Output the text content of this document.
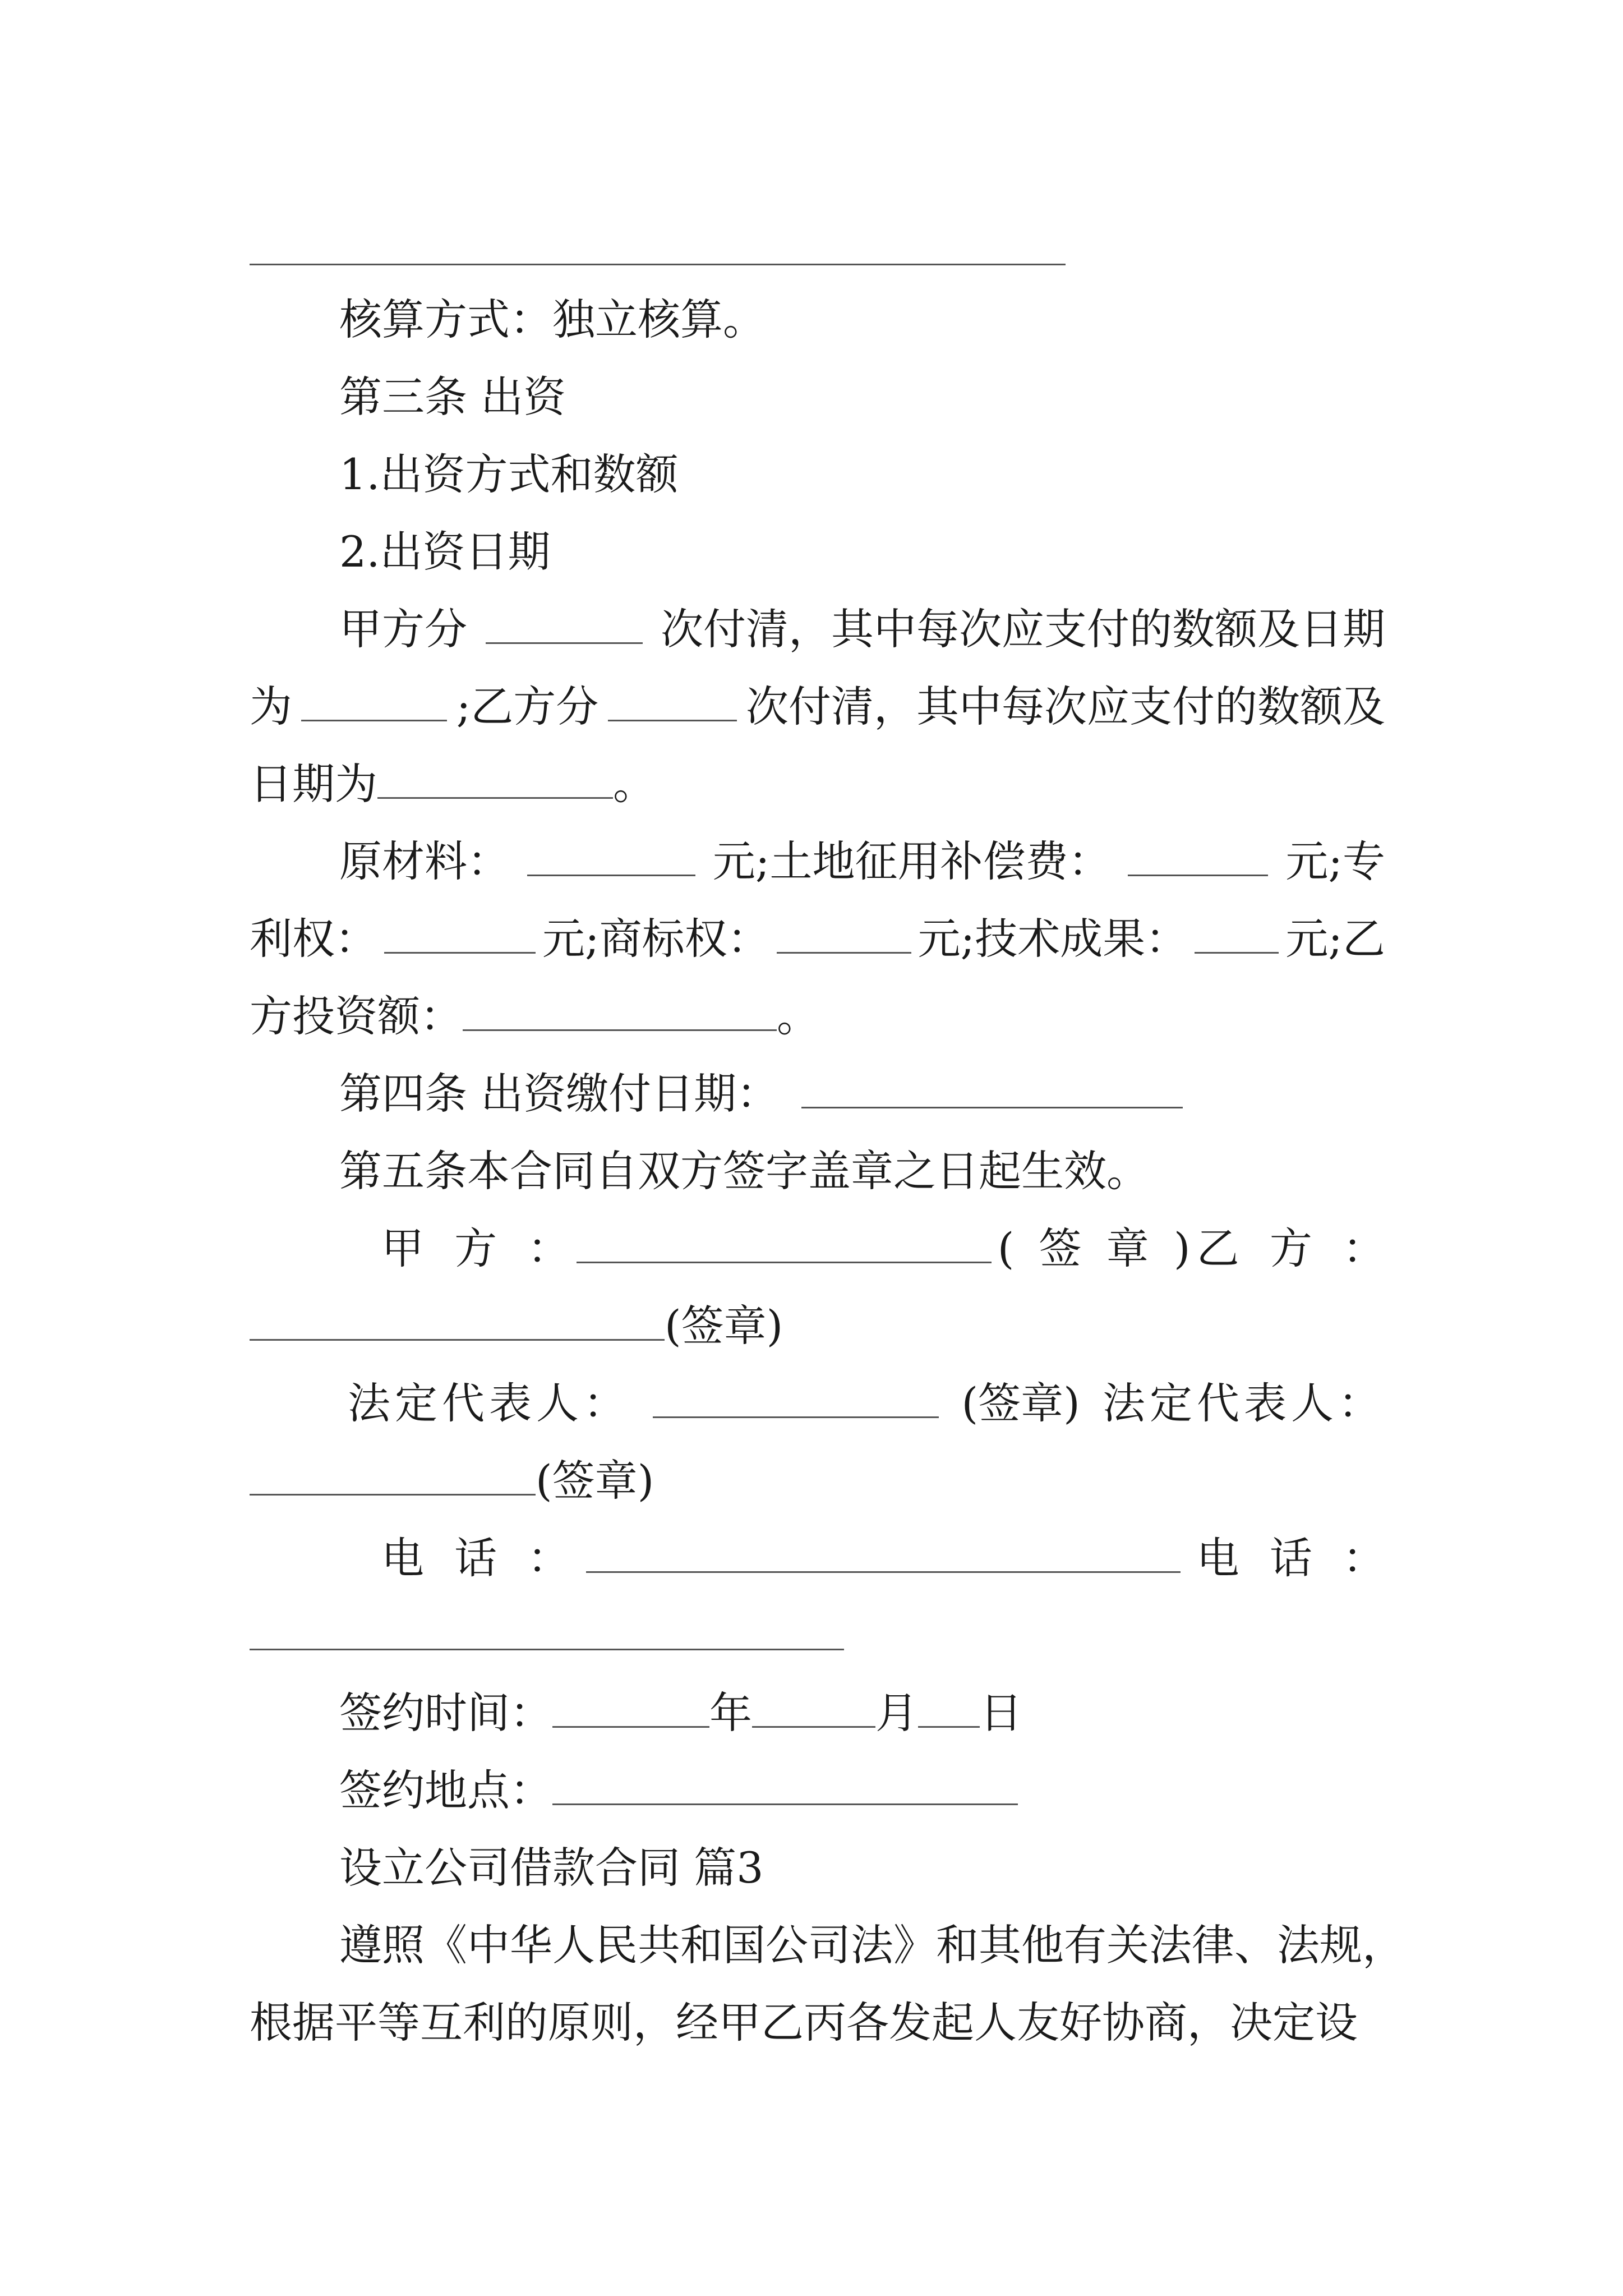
核算方式：独立核算。
第三条 出资
1.出资方式和数额
2.出资日期
甲方分	次付清，其中每次应支付的数额及日期
为	;乙方分	次付清，其中每次应支付的数额及
日期为	。
原材料：	元;土地征用补偿费：	元;专
利权：	元;商标权：	元;技术成果： 元;乙
方投资额：	。
第四条 出资缴付日期：
第五条本合同自双方签字盖章之日起生效。
甲 方 ：	( 签 章 ) 乙 方 ：
(签章)
法定代表人：	(签章) 法定代表人：
(签章)
电 话 ：	电 话 ：
签约时间：	年	月 日
签约地点：
设立公司借款合同 篇3
遵照《中华人民共和国公司法》和其他有关法律、法规，
根据平等互利的原则，经甲乙丙各发起人友好协商，决定设
